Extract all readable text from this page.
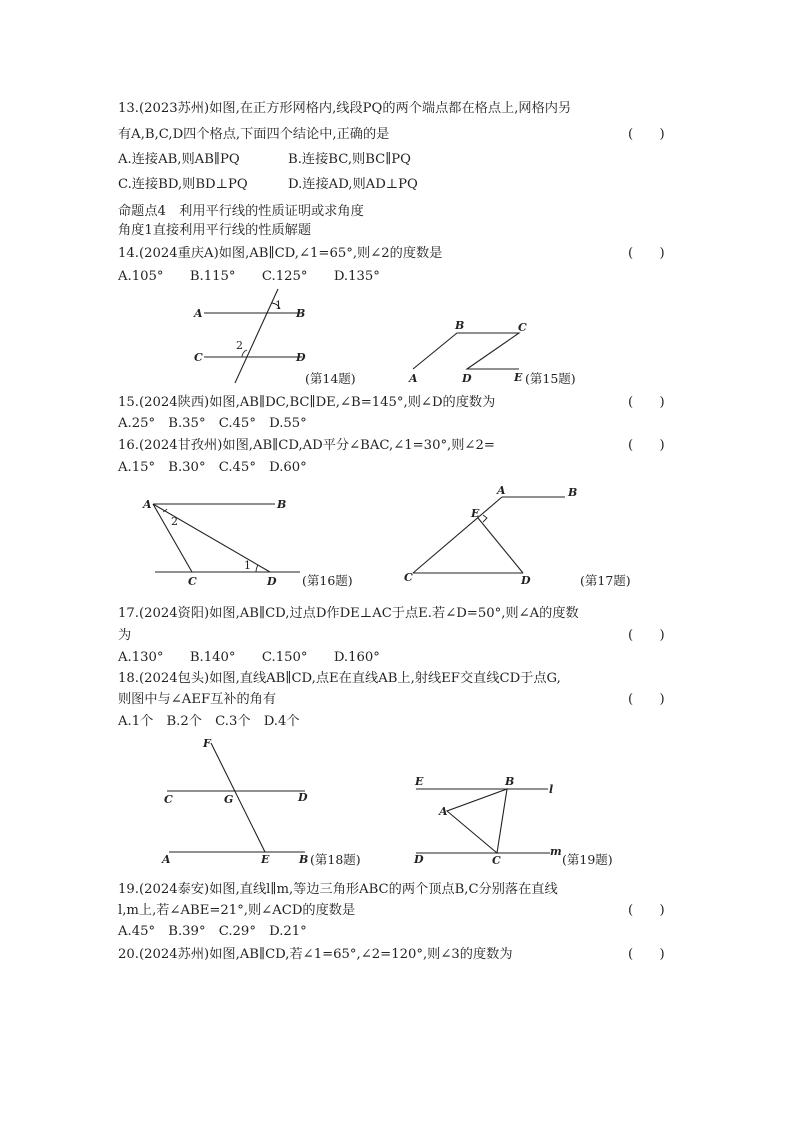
13.(2023苏州)如图,在正方形网格内,线段PQ的两个端点都在格点上,网格内另
有A,B,C,D四个格点,下面四个结论中,正确的是	(　　)
A.连接AB,则AB∥PQ	B.连接BC,则BC∥PQ
C.连接BD,则BD⊥PQ	D.连接AD,则AD⊥PQ
命题点4　利用平行线的性质证明或求角度
角度1直接利用平行线的性质解题
14.(2024重庆A)如图,AB∥CD,∠1=65°,则∠2的度数是	(　　)
A.105°　　B.115°　　C.125°　　D.135°
A	B
C	D
1
2
(第14题)	A
B	C
D	E (第15题)
15.(2024陕西)如图,AB∥DC,BC∥DE,∠B=145°,则∠D的度数为	(　　)
A.25°　B.35°　C.45°　D.55°
16.(2024甘孜州)如图,AB∥CD,AD平分∠BAC,∠1=30°,则∠2=	(　　)
A.15°　B.30°　C.45°　D.60°
A	B
C	D
1
2
(第16题)
A	B
C	D
E
(第17题)
17.(2024资阳)如图,AB∥CD,过点D作DE⊥AC于点E.若∠D=50°,则∠A的度数
为	(　　)
A.130°　　B.140°　　C.150°　　D.160°
18.(2024包头)如图,直线AB∥CD,点E在直线AB上,射线EF交直线CD于点G,
则图中与∠AEF互补的角有	(　　)
A.1个　B.2个　C.3个　D.4个
F
C	G	D
A	E	B (第18题)
E	B
l
A
D	C
m
(第19题)
19.(2024泰安)如图,直线l∥m,等边三角形ABC的两个顶点B,C分别落在直线
l,m上,若∠ABE=21°,则∠ACD的度数是	(　　)
A.45°　B.39°　C.29°　D.21°
20.(2024苏州)如图,AB∥CD,若∠1=65°,∠2=120°,则∠3的度数为	(　　)
